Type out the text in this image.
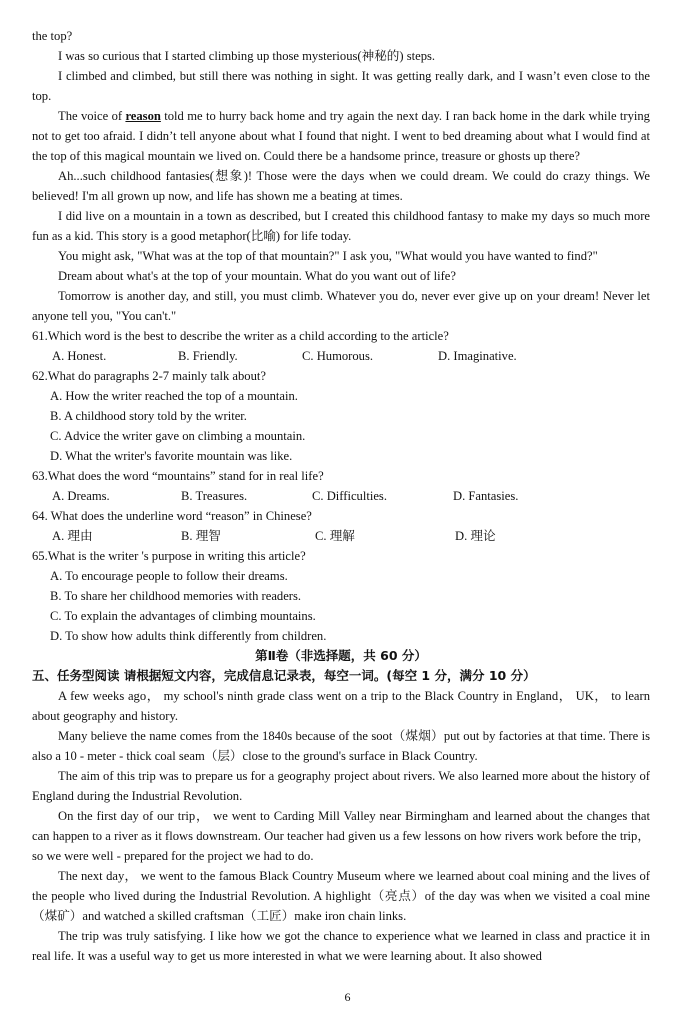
the top?
I was so curious that I started climbing up those mysterious(神秘的) steps.
I climbed and climbed, but still there was nothing in sight. It was getting really dark, and I wasn’t even close to the top.
The voice of reason told me to hurry back home and try again the next day. I ran back home in the dark while trying not to get too afraid. I didn’t tell anyone about what I found that night. I went to bed dreaming about what I would find at the top of this magical mountain we lived on. Could there be a handsome prince, treasure or ghosts up there?
Ah...such childhood fantasies(想象)! Those were the days when we could dream. We could do crazy things. We believed! I'm all grown up now, and life has shown me a beating at times.
I did live on a mountain in a town as described, but I created this childhood fantasy to make my days so much more fun as a kid. This story is a good metaphor(比喻) for life today.
You might ask, "What was at the top of that mountain?" I ask you, "What would you have wanted to find?"
Dream about what's at the top of your mountain. What do you want out of life?
Tomorrow is another day, and still, you must climb. Whatever you do, never ever give up on your dream! Never let anyone tell you, "You can't."
61.Which word is the best to describe the writer as a child according to the article?
A. Honest.	B. Friendly.	C. Humorous.	D. Imaginative.
62.What do paragraphs 2-7 mainly talk about?
A. How the writer reached the top of a mountain.
B. A childhood story told by the writer.
C. Advice the writer gave on climbing a mountain.
D. What the writer's favorite mountain was like.
63.What does the word “mountains” stand for in real life?
A. Dreams.	B. Treasures.	C. Difficulties.	D. Fantasies.
64. What does the underline word “reason” in Chinese?
A. 理由	B. 理智	C. 理解	D. 理论
65.What is the writer 's purpose in writing this article?
A. To encourage people to follow their dreams.
B. To share her childhood memories with readers.
C. To explain the advantages of climbing mountains.
D. To show how adults think differently from children.
第Ⅱ卷（非选择题，共 60 分）
五、任务型阅读 请根据短文内容，完成信息记录表，每空一词。(每空 1 分，满分 10 分）
A few weeks ago， my school's ninth grade class went on a trip to the Black Country in England， UK， to learn about geography and history.
Many believe the name comes from the 1840s because of the soot（煤烟）put out by factories at that time. There is also a 10 - meter - thick coal seam（层）close to the ground's surface in Black Country.
The aim of this trip was to prepare us for a geography project about rivers. We also learned more about the history of England during the Industrial Revolution.
On the first day of our trip， we went to Carding Mill Valley near Birmingham and learned about the changes that can happen to a river as it flows downstream. Our teacher had given us a few lessons on how rivers work before the trip， so we were well - prepared for the project we had to do.
The next day， we went to the famous Black Country Museum where we learned about coal mining and the lives of the people who lived during the Industrial Revolution. A highlight（亮点）of the day was when we visited a coal mine（煤矿）and watched a skilled craftsman（工匠）make iron chain links.
The trip was truly satisfying. I like how we got the chance to experience what we learned in class and practice it in real life. It was a useful way to get us more interested in what we were learning about. It also showed
6
